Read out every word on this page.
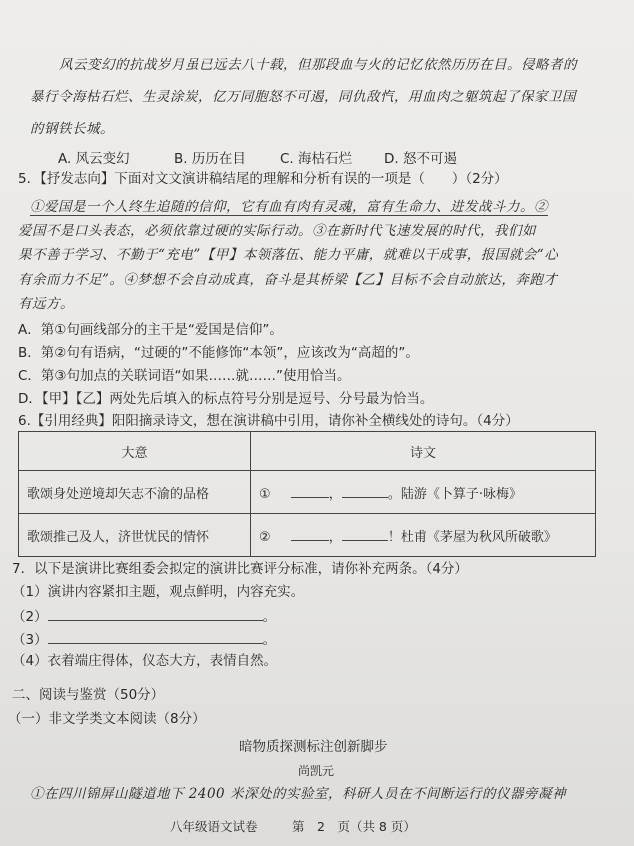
风云变幻的抗战岁月虽已远去八十载，但那段血与火的记忆依然历历在目。侵略者的
暴行令海枯石烂、生灵涂炭，亿万同胞怒不可遏，同仇敌忾，用血肉之躯筑起了保家卫国
的钢铁长城。
A. 风云变幻	B. 历历在目	C. 海枯石烂 D. 怒不可遏
5．【抒发志向】下面对文文演讲稿结尾的理解和分析有误的一项是（　　）（2分）
①爱国是一个人终生追随的信仰，它有血有肉有灵魂，富有生命力、进发战斗力。②
爱国不是口头表态，必须依靠过硬的实际行动。③在新时代飞速发展的时代，我们如
果不善于学习、不勤于“充电”【甲】本领落伍、能力平庸，就难以干成事，报国就会“心
有余而力不足”。④梦想不会自动成真，奋斗是其桥梁【乙】目标不会自动旅达，奔跑才
有远方。
A．第①句画线部分的主干是“爱国是信仰”。
B．第②句有语病，“过硬的”不能修饰“本领”，应该改为“高超的”。
C．第③句加点的关联词语“如果……就……”使用恰当。
D．【甲】【乙】两处先后填入的标点符号分别是逗号、分号最为恰当。
6.【引用经典】阳阳摘录诗文，想在演讲稿中引用，请你补全横线处的诗句。（4分）
大意	诗文
歌颂身处逆境却矢志不渝的品格	① ， 。陆游《卜算子·咏梅》
歌颂推己及人，济世忧民的情怀	② ， ！杜甫《茅屋为秋风所破歌》
7．以下是演讲比赛组委会拟定的演讲比赛评分标准，请你补充两条。（4分）
（1）演讲内容紧扣主题，观点鲜明，内容充实。
（2）	。
（3）	。
（4）衣着端庄得体，仪态大方，表情自然。
二、阅读与鉴赏（50分）
（一）非文学类文本阅读（8分）
暗物质探测标注创新脚步
尚凯元
①在四川锦屏山隧道地下 2400 米深处的实验室，科研人员在不间断运行的仪器旁凝神
八年级语文试卷	第　2　页（共 8 页）
